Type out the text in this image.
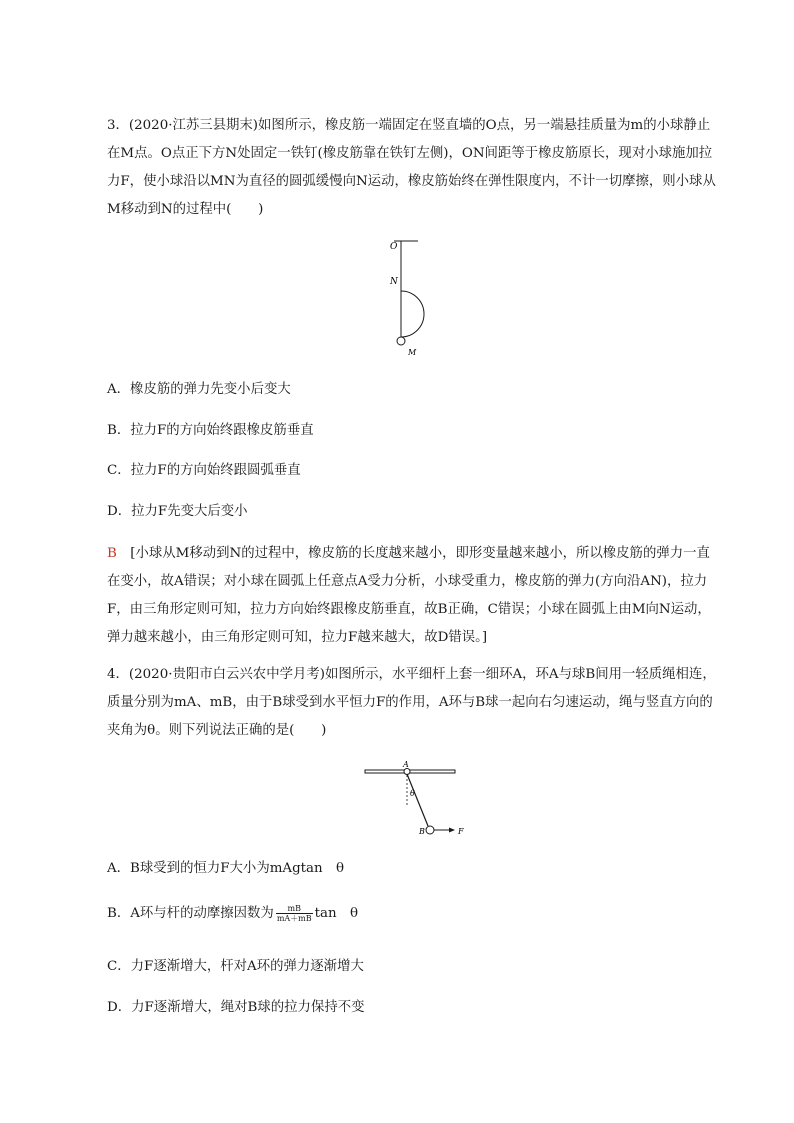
3．(2020·江苏三县期末)如图所示，橡皮筋一端固定在竖直墙的O点，另一端悬挂质量为m的小球静止在M点。O点正下方N处固定一铁钉(橡皮筋靠在铁钉左侧)，ON间距等于橡皮筋原长，现对小球施加拉力F，使小球沿以MN为直径的圆弧缓慢向N运动，橡皮筋始终在弹性限度内，不计一切摩擦，则小球从M移动到N的过程中(　　)

O
N
M

A．橡皮筋的弹力先变小后变大

B．拉力F的方向始终跟橡皮筋垂直

C．拉力F的方向始终跟圆弧垂直

D．拉力F先变大后变小

B　[小球从M移动到N的过程中，橡皮筋的长度越来越小，即形变量越来越小，所以橡皮筋的弹力一直在变小，故A错误；对小球在圆弧上任意点A受力分析，小球受重力，橡皮筋的弹力(方向沿AN)，拉力F，由三角形定则可知，拉力方向始终跟橡皮筋垂直，故B正确，C错误；小球在圆弧上由M向N运动，弹力越来越小，由三角形定则可知，拉力F越来越大，故D错误。]

4．(2020·贵阳市白云兴农中学月考)如图所示，水平细杆上套一细环A，环A与球B间用一轻质绳相连，质量分别为mA、mB，由于B球受到水平恒力F的作用，A环与B球一起向右匀速运动，绳与竖直方向的夹角为θ。则下列说法正确的是(　　)

A
θ
B	F

A．B球受到的恒力F大小为mAgtan　θ

B．A环与杆的动摩擦因数为 $\frac{mB}{mA+mB}$ tan　θ

C．力F逐渐增大，杆对A环的弹力逐渐增大

D．力F逐渐增大，绳对B球的拉力保持不变
